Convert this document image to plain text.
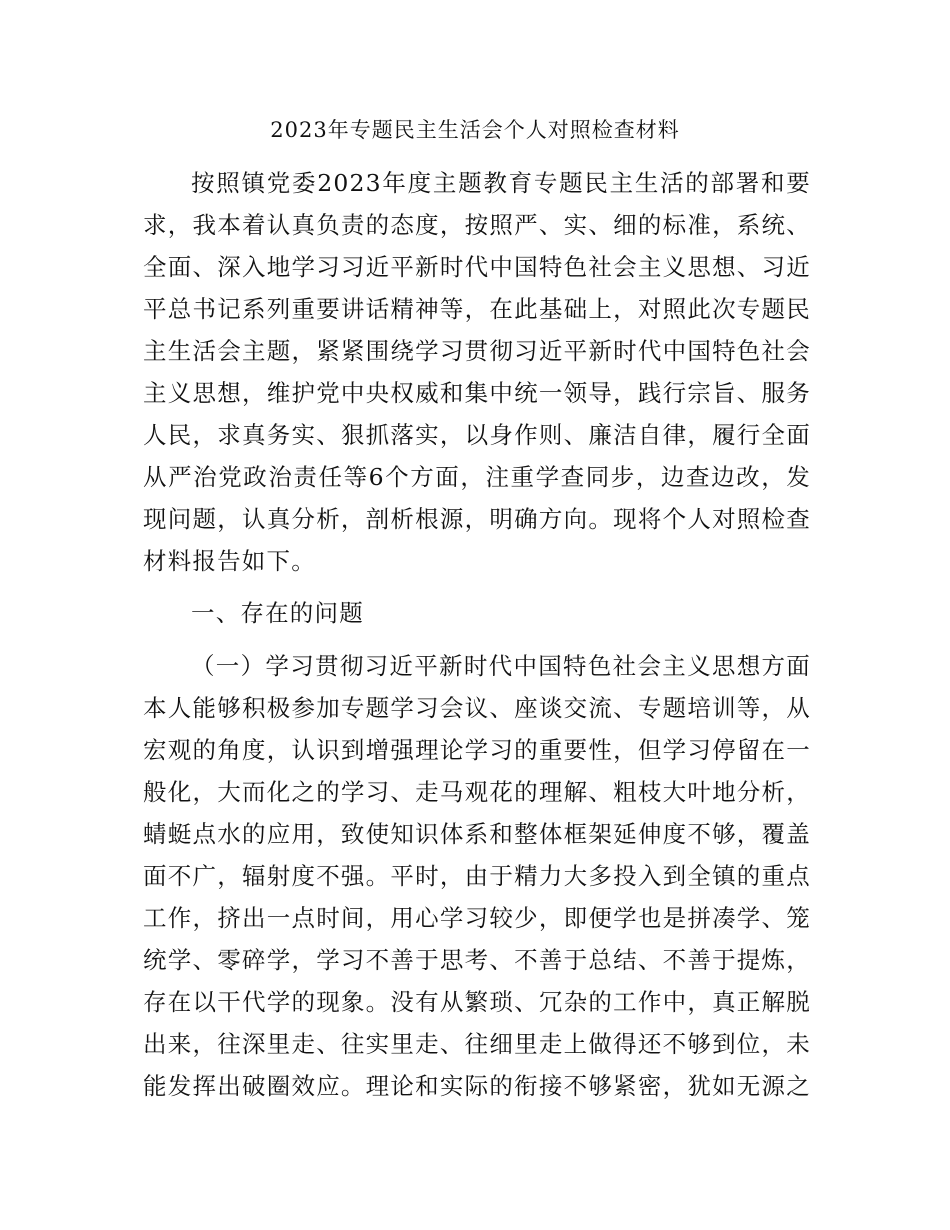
2023年专题民主生活会个人对照检查材料
按照镇党委2023年度主题教育专题民主生活的部署和要
求，我本着认真负责的态度，按照严、实、细的标准，系统、
全面、深入地学习习近平新时代中国特色社会主义思想、习近
平总书记系列重要讲话精神等，在此基础上，对照此次专题民
主生活会主题，紧紧围绕学习贯彻习近平新时代中国特色社会
主义思想，维护党中央权威和集中统一领导，践行宗旨、服务
人民，求真务实、狠抓落实，以身作则、廉洁自律，履行全面
从严治党政治责任等6个方面，注重学查同步，边查边改，发
现问题，认真分析，剖析根源，明确方向。现将个人对照检查
材料报告如下。
一、存在的问题
（一）学习贯彻习近平新时代中国特色社会主义思想方面
本人能够积极参加专题学习会议、座谈交流、专题培训等，从
宏观的角度，认识到增强理论学习的重要性，但学习停留在一
般化，大而化之的学习、走马观花的理解、粗枝大叶地分析，
蜻蜓点水的应用，致使知识体系和整体框架延伸度不够，覆盖
面不广，辐射度不强。平时，由于精力大多投入到全镇的重点
工作，挤出一点时间，用心学习较少，即便学也是拼凑学、笼
统学、零碎学，学习不善于思考、不善于总结、不善于提炼，
存在以干代学的现象。没有从繁琐、冗杂的工作中，真正解脱
出来，往深里走、往实里走、往细里走上做得还不够到位，未
能发挥出破圈效应。理论和实际的衔接不够紧密，犹如无源之
